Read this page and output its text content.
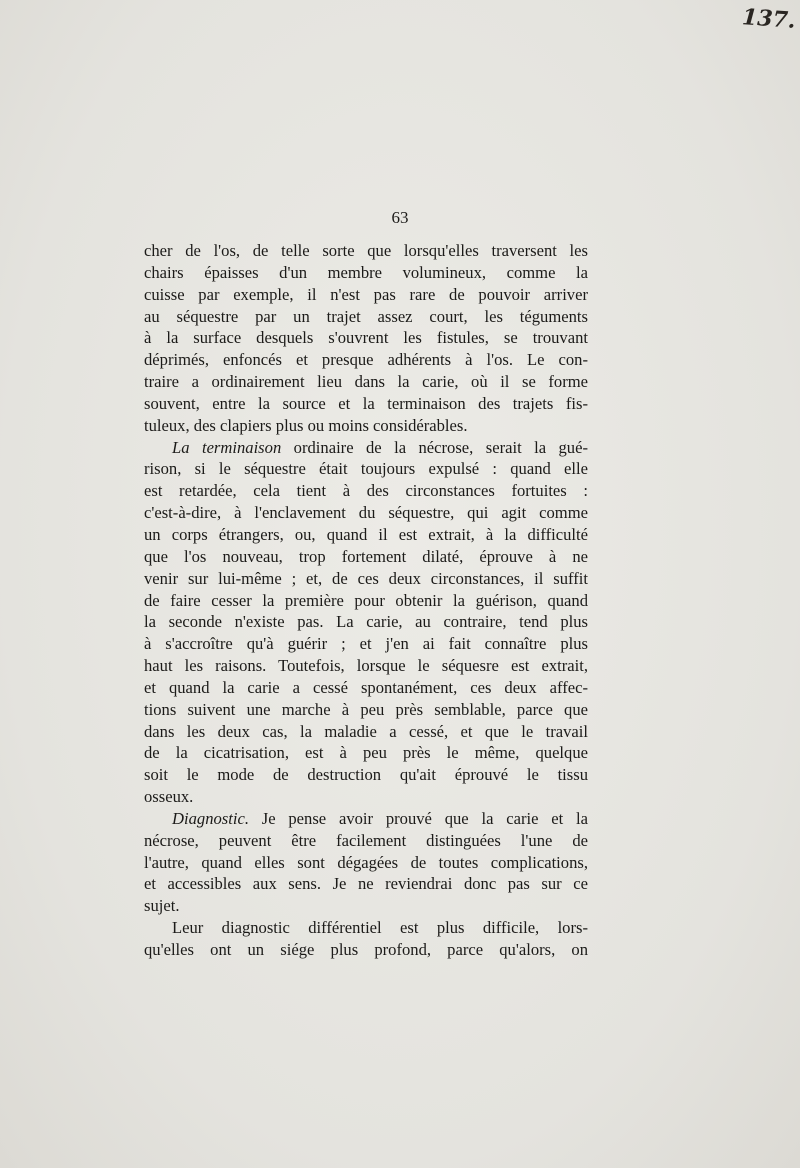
137.
63
cher de l'os, de telle sorte que lorsqu'elles traversent les
chairs épaisses d'un membre volumineux, comme la
cuisse par exemple, il n'est pas rare de pouvoir arriver
au séquestre par un trajet assez court, les téguments
à la surface desquels s'ouvrent les fistules, se trouvant
déprimés, enfoncés et presque adhérents à l'os. Le con-
traire a ordinairement lieu dans la carie, où il se forme
souvent, entre la source et la terminaison des trajets fis-
tuleux, des clapiers plus ou moins considérables.
La terminaison ordinaire de la nécrose, serait la gué-
rison, si le séquestre était toujours expulsé : quand elle
est retardée, cela tient à des circonstances fortuites :
c'est-à-dire, à l'enclavement du séquestre, qui agit comme
un corps étrangers, ou, quand il est extrait, à la difficulté
que l'os nouveau, trop fortement dilaté, éprouve à ne
venir sur lui-même ; et, de ces deux circonstances, il suffit
de faire cesser la première pour obtenir la guérison, quand
la seconde n'existe pas. La carie, au contraire, tend plus
à s'accroître qu'à guérir ; et j'en ai fait connaître plus
haut les raisons. Toutefois, lorsque le séquesre est extrait,
et quand la carie a cessé spontanément, ces deux affec-
tions suivent une marche à peu près semblable, parce que
dans les deux cas, la maladie a cessé, et que le travail
de la cicatrisation, est à peu près le même, quelque
soit le mode de destruction qu'ait éprouvé le tissu
osseux.
Diagnostic. Je pense avoir prouvé que la carie et la
nécrose, peuvent être facilement distinguées l'une de
l'autre, quand elles sont dégagées de toutes complications,
et accessibles aux sens. Je ne reviendrai donc pas sur ce
sujet.
Leur diagnostic différentiel est plus difficile, lors-
qu'elles ont un siége plus profond, parce qu'alors, on
